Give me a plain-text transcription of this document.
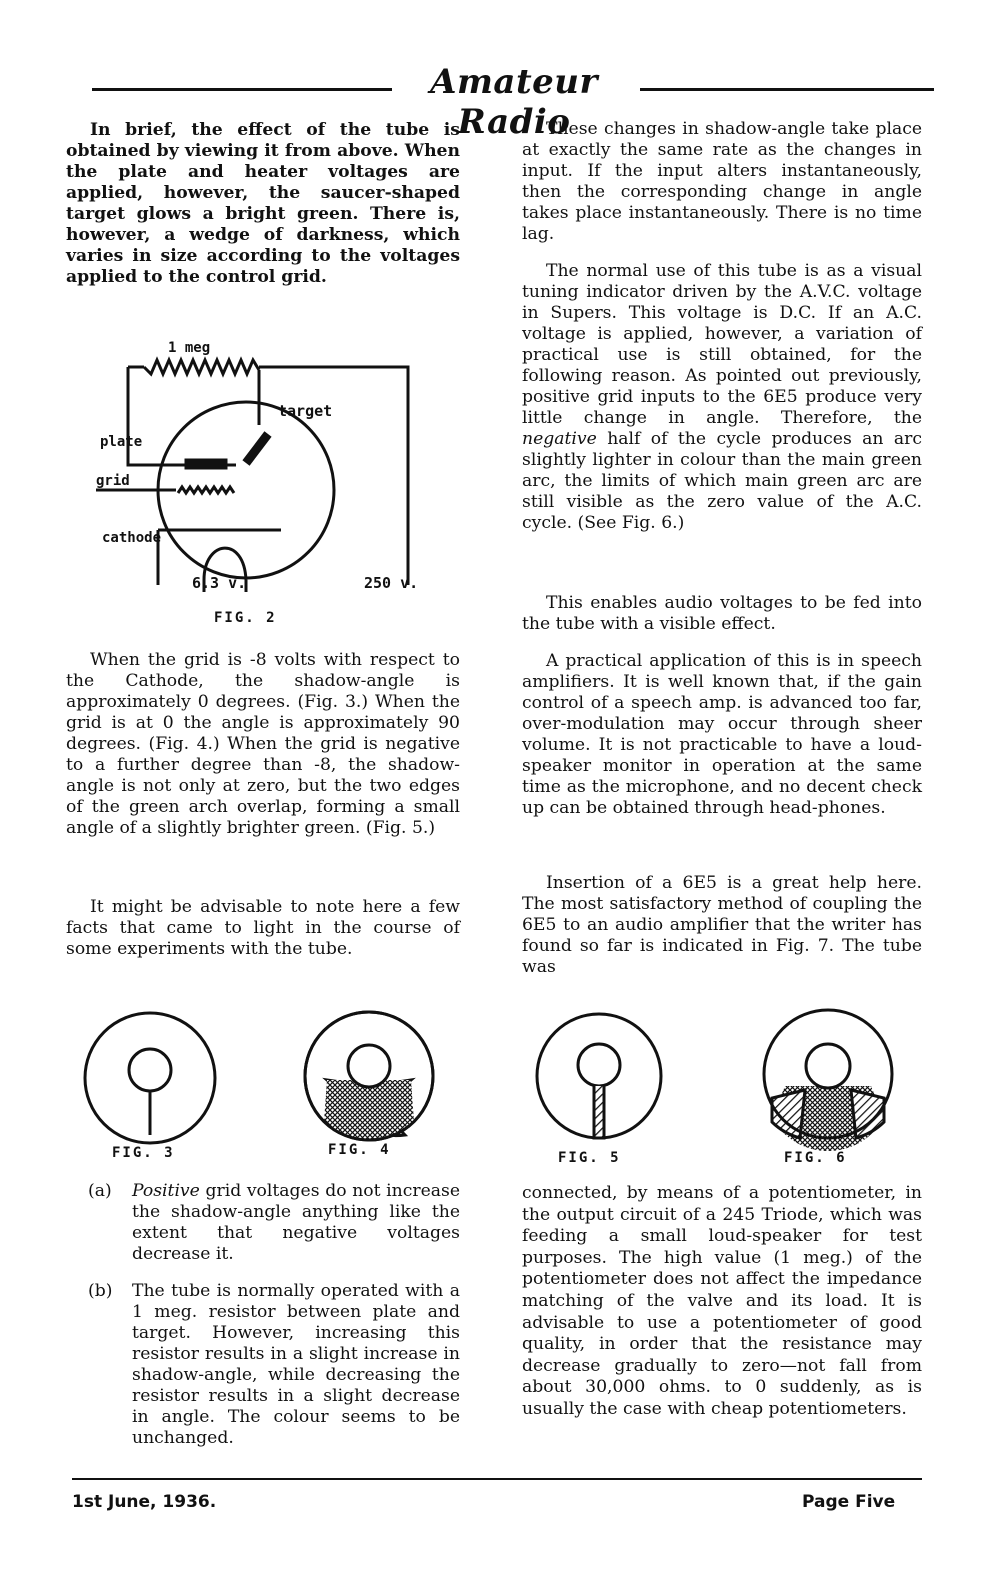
Amateur Radio
In brief, the effect of the tube is obtained by viewing it from above. When the plate and heater voltages are applied, however, the saucer-shaped target glows a bright green. There is, however, a wedge of darkness, which varies in size according to the voltages applied to the control grid.
1 meg
target
plate
grid
cathode
6.3 v.	250 v.
FIG. 2
When the grid is -8 volts with respect to the Cathode, the shadow-angle is approximately 0 degrees. (Fig. 3.) When the grid is at 0 the angle is approximately 90 degrees. (Fig. 4.) When the grid is negative to a further degree than -8, the shadow-angle is not only at zero, but the two edges of the green arch overlap, forming a small angle of a slightly brighter green. (Fig. 5.)
It might be advisable to note here a few facts that came to light in the course of some experiments with the tube.
These changes in shadow-angle take place at exactly the same rate as the changes in input. If the input alters instantaneously, then the corresponding change in angle takes place instantaneously. There is no time lag.
The normal use of this tube is as a visual tuning indicator driven by the A.V.C. voltage in Supers. This voltage is D.C. If an A.C. voltage is applied, however, a variation of practical use is still obtained, for the following reason. As pointed out previously, positive grid inputs to the 6E5 produce very little change in angle. Therefore, the negative half of the cycle produces an arc slightly lighter in colour than the main green arc, the limits of which main green arc are still visible as the zero value of the A.C. cycle. (See Fig. 6.)
This enables audio voltages to be fed into the tube with a visible effect.
A practical application of this is in speech amplifiers. It is well known that, if the gain control of a speech amp. is advanced too far, over-modulation may occur through sheer volume. It is not practicable to have a loud-speaker monitor in operation at the same time as the microphone, and no decent check up can be obtained through head-phones.
Insertion of a 6E5 is a great help here. The most satisfactory method of coupling the 6E5 to an audio amplifier that the writer has found so far is indicated in Fig. 7. The tube was
FIG. 3	FIG. 4	FIG. 5	FIG. 6
(a) Positive grid voltages do not increase the shadow-angle anything like the extent that negative voltages decrease it.
(b) The tube is normally operated with a 1 meg. resistor between plate and target. However, increasing this resistor results in a slight increase in shadow-angle, while decreasing the resistor results in a slight decrease in angle. The colour seems to be unchanged.
connected, by means of a potentiometer, in the output circuit of a 245 Triode, which was feeding a small loud-speaker for test purposes. The high value (1 meg.) of the potentiometer does not affect the impedance matching of the valve and its load. It is advisable to use a potentiometer of good quality, in order that the resistance may decrease gradually to zero—not fall from about 30,000 ohms. to 0 suddenly, as is usually the case with cheap potentiometers.
1st June, 1936.	Page Five
